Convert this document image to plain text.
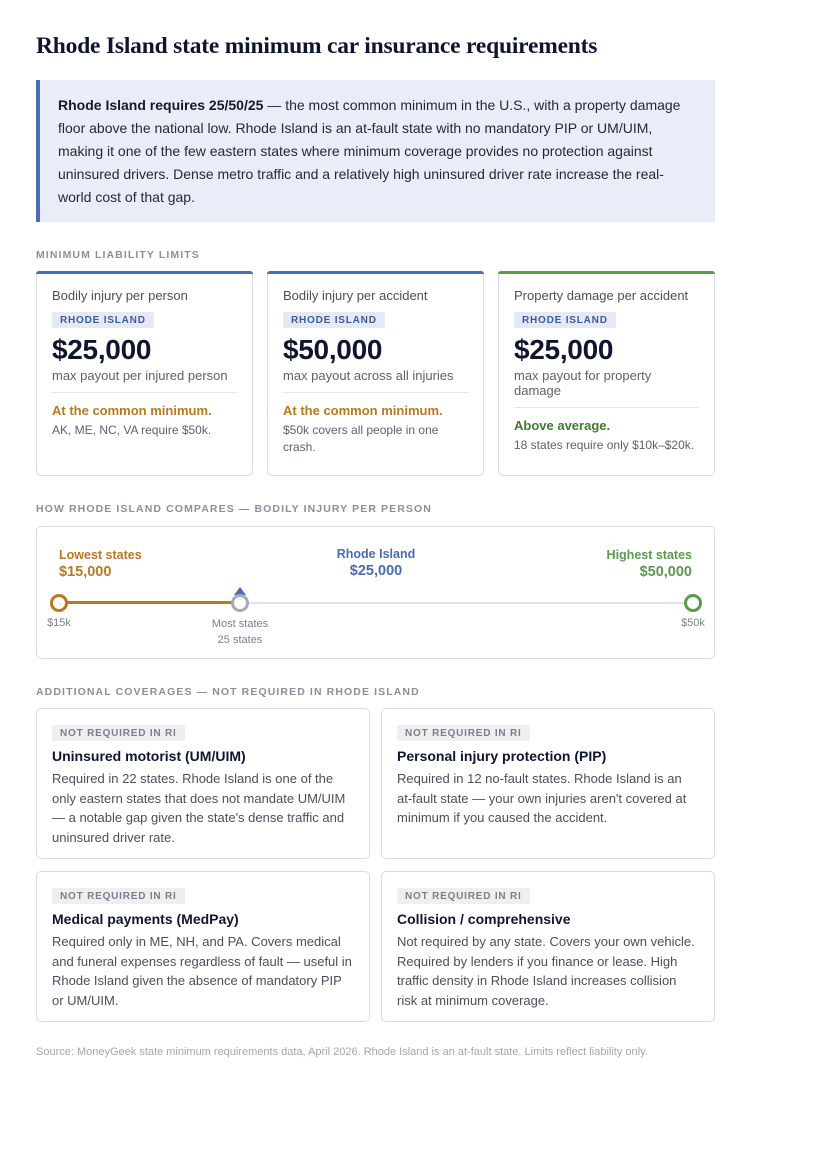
Rhode Island state minimum car insurance requirements
Rhode Island requires 25/50/25 — the most common minimum in the U.S., with a property damage floor above the national low. Rhode Island is an at-fault state with no mandatory PIP or UM/UIM, making it one of the few eastern states where minimum coverage provides no protection against uninsured drivers. Dense metro traffic and a relatively high uninsured driver rate increase the real-world cost of that gap.
MINIMUM LIABILITY LIMITS
Bodily injury per person
RHODE ISLAND
$25,000
max payout per injured person
At the common minimum.
AK, ME, NC, VA require $50k.
Bodily injury per accident
RHODE ISLAND
$50,000
max payout across all injuries
At the common minimum.
$50k covers all people in one crash.
Property damage per accident
RHODE ISLAND
$25,000
max payout for property damage
Above average.
18 states require only $10k–$20k.
HOW RHODE ISLAND COMPARES — BODILY INJURY PER PERSON
Lowest states
$15,000
Rhode Island
$25,000
Highest states
$50,000
$15k	Most states
25 states
$50k
ADDITIONAL COVERAGES — NOT REQUIRED IN RHODE ISLAND
NOT REQUIRED IN RI
Uninsured motorist (UM/UIM)
Required in 22 states. Rhode Island is one of the only eastern states that does not mandate UM/UIM — a notable gap given the state's dense traffic and uninsured driver rate.
NOT REQUIRED IN RI
Personal injury protection (PIP)
Required in 12 no-fault states. Rhode Island is an at-fault state — your own injuries aren't covered at minimum if you caused the accident.
NOT REQUIRED IN RI
Medical payments (MedPay)
Required only in ME, NH, and PA. Covers medical and funeral expenses regardless of fault — useful in Rhode Island given the absence of mandatory PIP or UM/UIM.
NOT REQUIRED IN RI
Collision / comprehensive
Not required by any state. Covers your own vehicle. Required by lenders if you finance or lease. High traffic density in Rhode Island increases collision risk at minimum coverage.
Source: MoneyGeek state minimum requirements data, April 2026. Rhode Island is an at-fault state. Limits reflect liability only.
